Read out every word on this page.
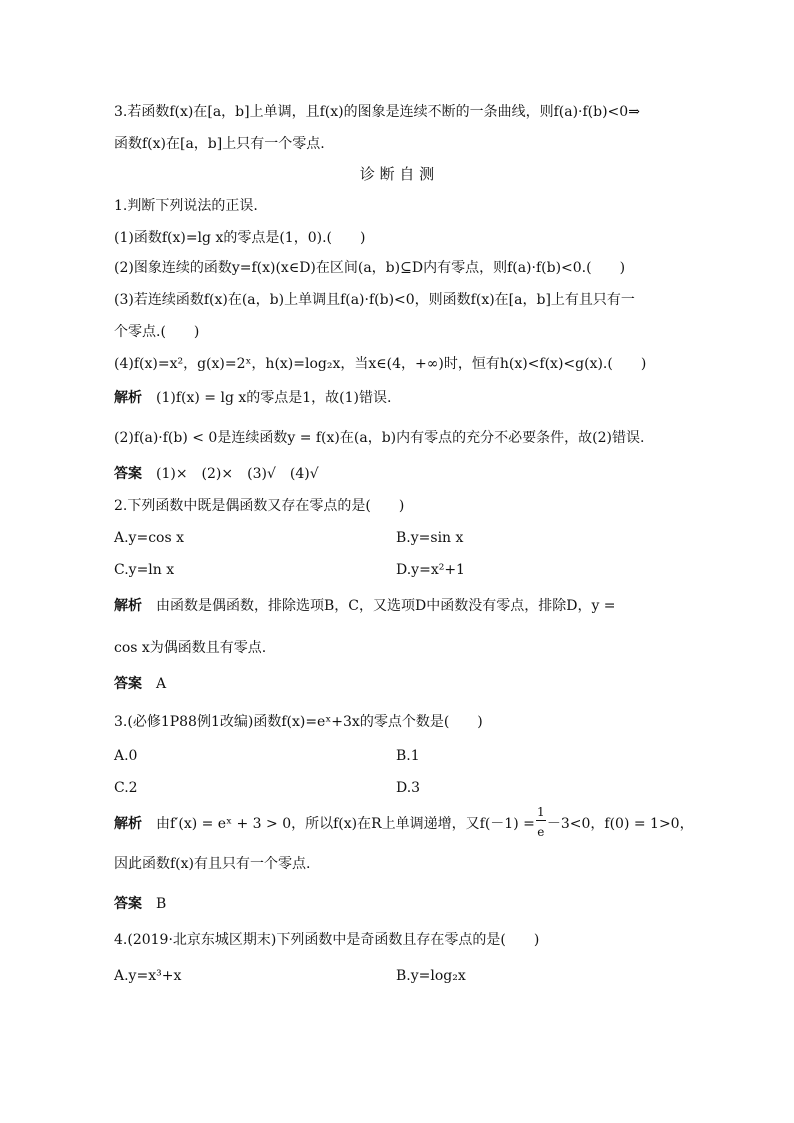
3.若函数f(x)在[a，b]上单调，且f(x)的图象是连续不断的一条曲线，则f(a)·f(b)<0⇒
函数f(x)在[a，b]上只有一个零点.
诊 断 自 测
1.判断下列说法的正误.
(1)函数f(x)=lg x的零点是(1，0).(　　)
(2)图象连续的函数y=f(x)(x∈D)在区间(a，b)⊆D内有零点，则f(a)·f(b)<0.(　　)
(3)若连续函数f(x)在(a，b)上单调且f(a)·f(b)<0，则函数f(x)在[a，b]上有且只有一
个零点.(　　)
(4)f(x)=x²，g(x)=2ˣ，h(x)=log₂x，当x∈(4，+∞)时，恒有h(x)<f(x)<g(x).(　　)
解析 (1)f(x) = lg x的零点是1，故(1)错误.
(2)f(a)·f(b) < 0是连续函数y = f(x)在(a，b)内有零点的充分不必要条件，故(2)错误.
答案 (1)×　(2)×　(3)√　(4)√
2.下列函数中既是偶函数又存在零点的是(　　)
A.y=cos x	B.y=sin x
C.y=ln x	D.y=x²+1
解析 由函数是偶函数，排除选项B，C，又选项D中函数没有零点，排除D，y =
cos x为偶函数且有零点.
答案 A
3.(必修1P88例1改编)函数f(x)=eˣ+3x的零点个数是(　　)
A.0	B.1
C.2	D.3
解析 由f′(x) = eˣ + 3 > 0，所以f(x)在R上单调递增，又$f(-1) = \frac{1}{e} -3<0$，f(0) = 1>0，
因此函数f(x)有且只有一个零点.
答案 B
4.(2019·北京东城区期末)下列函数中是奇函数且存在零点的是(　　)
A.y=x³+x	B.y=log₂x
